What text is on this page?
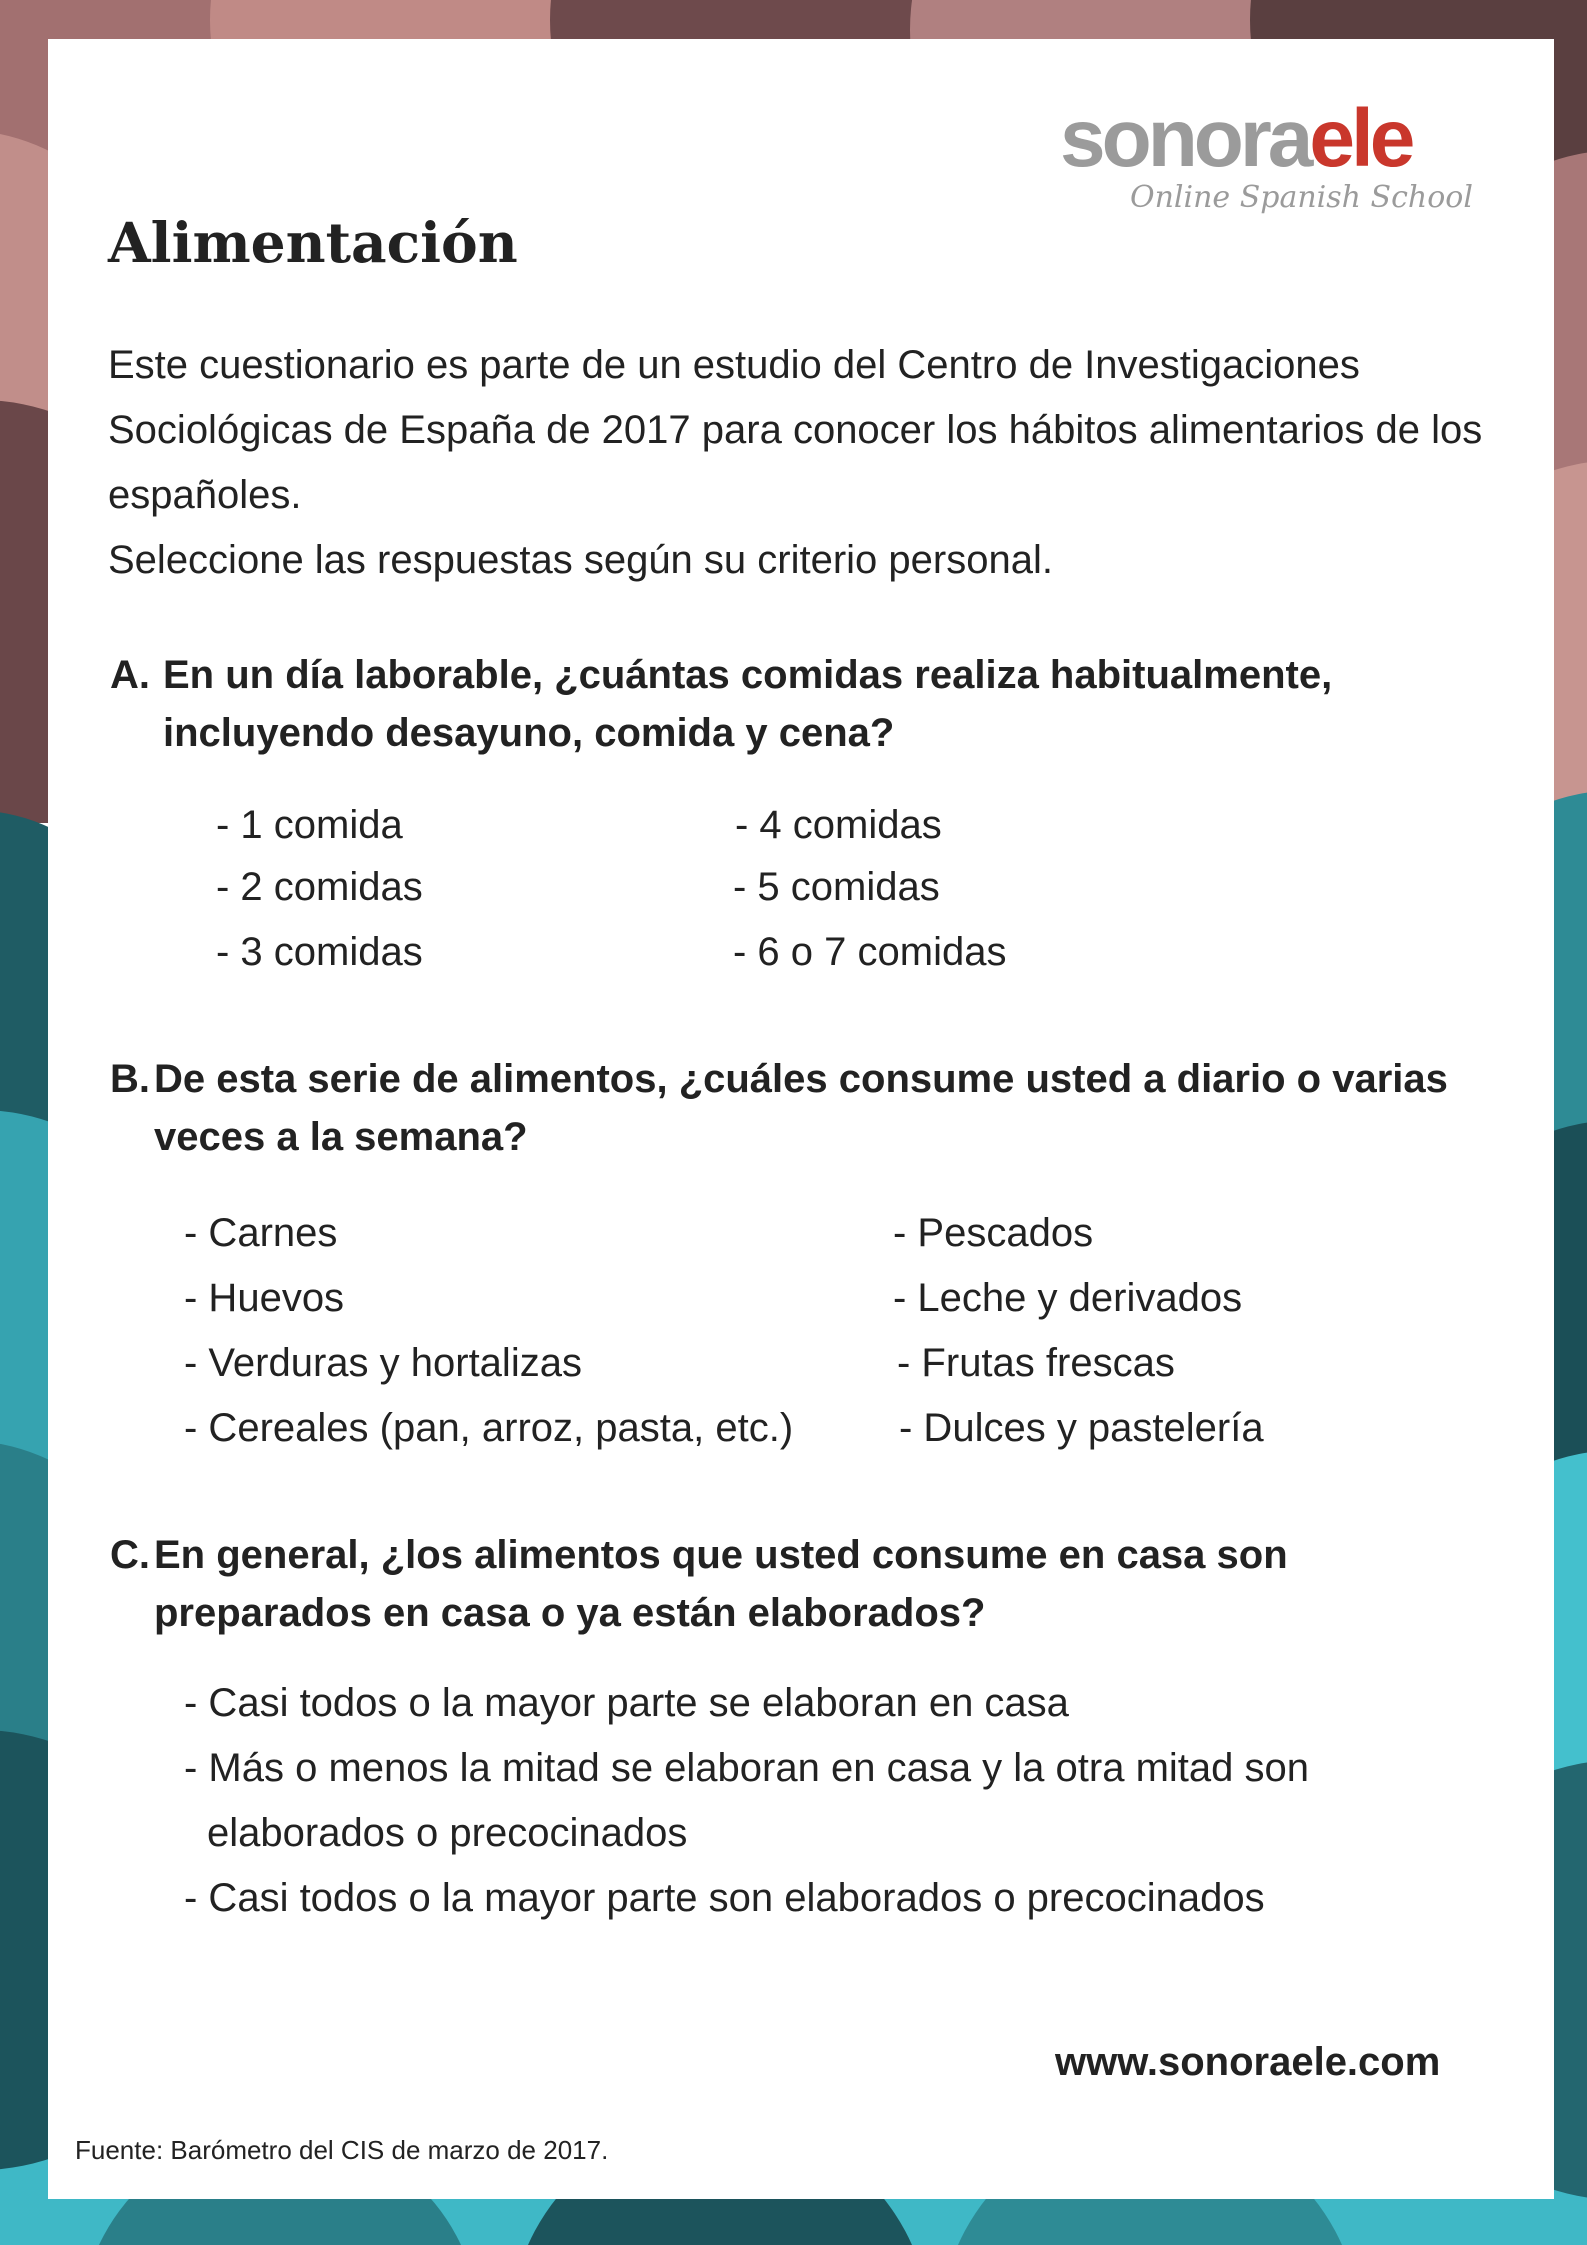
sonoraele
Online Spanish School
Alimentación

Este cuestionario es parte de un estudio del Centro de Investigaciones Sociológicas de España de 2017 para conocer los hábitos alimentarios de los españoles.

Seleccione las respuestas según su criterio personal.

A. En un día laborable, ¿cuántas comidas realiza habitualmente, incluyendo desayuno, comida y cena?
- 1 comida
- 2 comidas
- 3 comidas
- 4 comidas
- 5 comidas
- 6 o 7 comidas
B. De esta serie de alimentos, ¿cuáles consume usted a diario o varias veces a la semana?
- Carnes
- Huevos
- Verduras y hortalizas
- Cereales (pan, arroz, pasta, etc.)
- Pescados
- Leche y derivados
- Frutas frescas
- Dulces y pastelería
C. En general, ¿los alimentos que usted consume en casa son preparados en casa o ya están elaborados?
- Casi todos o la mayor parte se elaboran en casa
- Más o menos la mitad se elaboran en casa y la otra mitad son
elaborados o precocinados
- Casi todos o la mayor parte son elaborados o precocinados
www.sonoraele.com
Fuente: Barómetro del CIS de marzo de 2017.
